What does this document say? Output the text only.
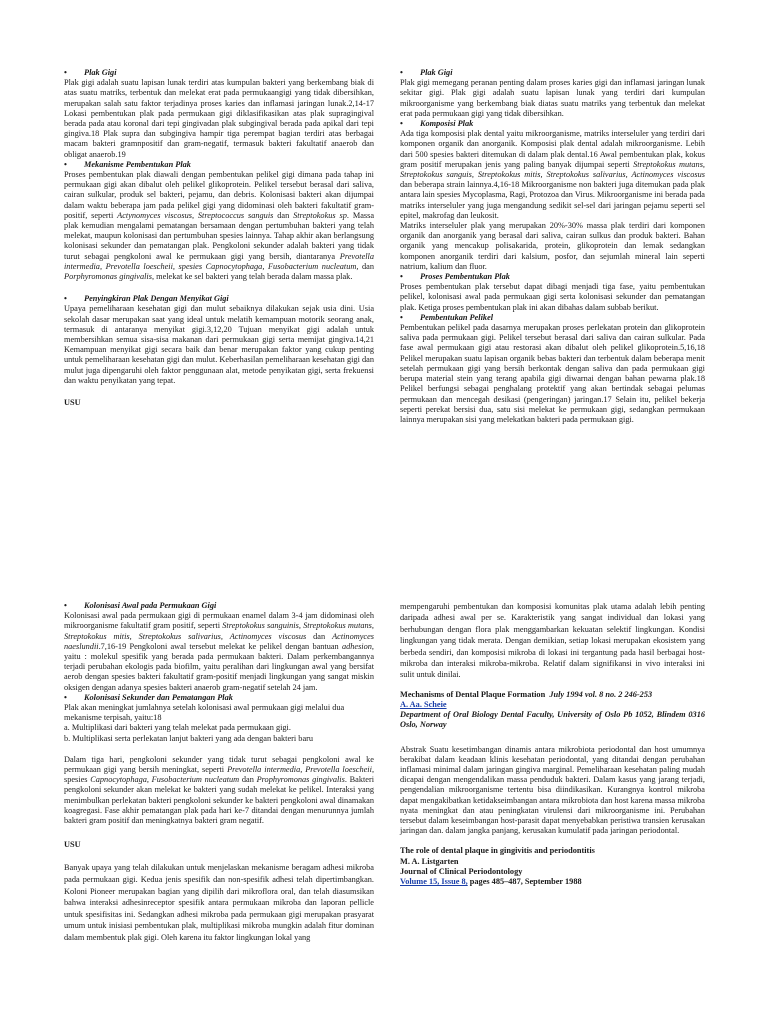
• Plak Gigi

Plak gigi adalah suatu lapisan lunak terdiri atas kumpulan bakteri yang berkembang biak di atas suatu matriks, terbentuk dan melekat erat pada permukaangigi yang tidak dibersihkan, merupakan salah satu faktor terjadinya proses karies dan inflamasi jaringan lunak.2,14-17 Lokasi pembentukan plak pada permukaan gigi diklasifikasikan atas plak supragingival berada pada atau koronal dari tepi gingivadan plak subgingival berada pada apikal dari tepi gingiva.18 Plak supra dan subgingiva hampir tiga perempat bagian terdiri atas berbagai macam bakteri gramnpositif dan gram-negatif, termasuk bakteri fakultatif anaerob dan obligat anaerob.19

• Mekanisme Pembentukan Plak

Proses pembentukan plak diawali dengan pembentukan pelikel gigi dimana pada tahap ini permukaan gigi akan dibalut oleh pelikel glikoprotein. Pelikel tersebut berasal dari saliva, cairan sulkular, produk sel bakteri, pejamu, dan debris. Kolonisasi bakteri akan dijumpai dalam waktu beberapa jam pada pelikel gigi yang didominasi oleh bakteri fakultatif gram-positif, seperti Actynomyces viscosus, Streptococcus sanguis dan Streptokokus sp. Massa plak kemudian mengalami pematangan bersamaan dengan pertumbuhan bakteri yang telah melekat, maupun kolonisasi dan pertumbuhan spesies lainnya. Tahap akhir akan berlangsung kolonisasi sekunder dan pematangan plak. Pengkoloni sekunder adalah bakteri yang tidak turut sebagai pengkoloni awal ke permukaan gigi yang bersih, diantaranya Prevotella intermedia, Prevotella loescheii, spesies Capnocytophaga, Fusobacterium nucleatum, dan Porphyromonas gingivalis, melekat ke sel bakteri yang telah berada dalam massa plak.

• Penyingkiran Plak Dengan Menyikat Gigi

Upaya pemeliharaan kesehatan gigi dan mulut sebaiknya dilakukan sejak usia dini. Usia sekolah dasar merupakan saat yang ideal untuk melatih kemampuan motorik seorang anak, termasuk di antaranya menyikat gigi.3,12,20 Tujuan menyikat gigi adalah untuk membersihkan semua sisa-sisa makanan dari permukaan gigi serta memijat gingiva.14,21 Kemampuan menyikat gigi secara baik dan benar merupakan faktor yang cukup penting untuk pemeliharaan kesehatan gigi dan mulut. Keberhasilan pemeliharaan kesehatan gigi dan mulut juga dipengaruhi oleh faktor penggunaan alat, metode penyikatan gigi, serta frekuensi dan waktu penyikatan yang tepat.

USU

• Plak Gigi

Plak gigi memegang peranan penting dalam proses karies gigi dan inflamasi jaringan lunak sekitar gigi. Plak gigi adalah suatu lapisan lunak yang terdiri dari kumpulan mikroorganisme yang berkembang biak diatas suatu matriks yang terbentuk dan melekat erat pada permukaan gigi yang tidak dibersihkan.

• Komposisi Plak

Ada tiga komposisi plak dental yaitu mikroorganisme, matriks interseluler yang terdiri dari komponen organik dan anorganik. Komposisi plak dental adalah mikroorganisme. Lebih dari 500 spesies bakteri ditemukan di dalam plak dental.16 Awal pembentukan plak, kokus gram positif merupakan jenis yang paling banyak dijumpai seperti Streptokokus mutans, Streptokokus sanguis, Streptokokus mitis, Streptokokus salivarius, Actinomyces viscosus dan beberapa strain lainnya.4,16-18 Mikroorganisme non bakteri juga ditemukan pada plak antara lain spesies Mycoplasma, Ragi, Protozoa dan Virus. Mikroorganisme ini berada pada matriks interseluler yang juga mengandung sedikit sel-sel dari jaringan pejamu seperti sel epitel, makrofag dan leukosit.

Matriks interseluler plak yang merupakan 20%-30% massa plak terdiri dari komponen organik dan anorganik yang berasal dari saliva, cairan sulkus dan produk bakteri. Bahan organik yang mencakup polisakarida, protein, glikoprotein dan lemak sedangkan komponen anorganik terdiri dari kalsium, posfor, dan sejumlah mineral lain seperti natrium, kalium dan fluor.

• Proses Pembentukan Plak

Proses pembentukan plak tersebut dapat dibagi menjadi tiga fase, yaitu pembentukan pelikel, kolonisasi awal pada permukaan gigi serta kolonisasi sekunder dan pematangan plak. Ketiga proses pembentukan plak ini akan dibahas dalam subbab berikut.

• Pembentukan Pelikel

Pembentukan pelikel pada dasarnya merupakan proses perlekatan protein dan glikoprotein saliva pada permukaan gigi. Pelikel tersebut berasal dari saliva dan cairan sulkular. Pada fase awal permukaan gigi atau restorasi akan dibalut oleh pelikel glikoprotein.5,16,18 Pelikel merupakan suatu lapisan organik bebas bakteri dan terbentuk dalam beberapa menit setelah permukaan gigi yang bersih berkontak dengan saliva dan pada permukaan gigi berupa material stein yang terang apabila gigi diwarnai dengan bahan pewarna plak.18 Pelikel berfungsi sebagai penghalang protektif yang akan bertindak sebagai pelumas permukaan dan mencegah desikasi (pengeringan) jaringan.17 Selain itu, pelikel bekerja seperti perekat bersisi dua, satu sisi melekat ke permukaan gigi, sedangkan permukaan lainnya merupakan sisi yang melekatkan bakteri pada permukaan gigi.

• Kolonisasi Awal pada Permukaan Gigi

Kolonisasi awal pada permukaan gigi di permukaan enamel dalam 3-4 jam didominasi oleh mikroorganisme fakultatif gram positif, seperti Streptokokus sanguinis, Streptokokus mutans, Streptokokus mitis, Streptokokus salivarius, Actinomyces viscosus dan Actinomyces naeslundii.7,16-19 Pengkoloni awal tersebut melekat ke pelikel dengan bantuan adhesion, yaitu : molekul spesifik yang berada pada permukaan bakteri. Dalam perkembangannya terjadi perubahan ekologis pada biofilm, yaitu peralihan dari lingkungan awal yang bersifat aerob dengan spesies bakteri fakultatif gram-positif menjadi lingkungan yang sangat miskin oksigen dengan adanya spesies bakteri anaerob gram-negatif setelah 24 jam.

• Kolonisasi Sekunder dan Pematangan Plak

Plak akan meningkat jumlahnya setelah kolonisasi awal permukaan gigi melalui dua mekanisme terpisah, yaitu:18

a. Multiplikasi dari bakteri yang telah melekat pada permukaan gigi.

b. Multiplikasi serta perlekatan lanjut bakteri yang ada dengan bakteri baru

Dalam tiga hari, pengkoloni sekunder yang tidak turut sebagai pengkoloni awal ke permukaan gigi yang bersih meningkat, seperti Prevotella intermedia, Prevotella loescheii, spesies Capnocytophaga, Fusobacterium nucleatum dan Prophyromonas gingivalis. Bakteri pengkoloni sekunder akan melekat ke bakteri yang sudah melekat ke pelikel. Interaksi yang menimbulkan perlekatan bakteri pengkoloni sekunder ke bakteri pengkoloni awal dinamakan koagregasi. Fase akhir pematangan plak pada hari ke-7 ditandai dengan menurunnya jumlah bakteri gram positif dan meningkatnya bakteri gram negatif.

USU

Banyak upaya yang telah dilakukan untuk menjelaskan mekanisme beragam adhesi mikroba pada permukaan gigi. Kedua jenis spesifik dan non-spesifik adhesi telah dipertimbangkan. Koloni Pioneer merupakan bagian yang dipilih dari mikroflora oral, dan telah diasumsikan bahwa interaksi adhesinreceptor spesifik antara permukaan mikroba dan laporan pellicle untuk spesifisitas ini. Sedangkan adhesi mikroba pada permukaan gigi merupakan prasyarat umum untuk inisiasi pembentukan plak, multiplikasi mikroba mungkin adalah fitur dominan dalam membentuk plak gigi. Oleh karena itu faktor lingkungan lokal yang

mempengaruhi pembentukan dan komposisi komunitas plak utama adalah lebih penting daripada adhesi awal per se. Karakteristik yang sangat individual dan lokasi yang berhubungan dengan flora plak menggambarkan kekuatan selektif lingkungan. Kondisi lingkungan yang tidak merata. Dengan demikian, setiap lokasi merupakan ekosistem yang berbeda sendiri, dan komposisi mikroba di lokasi ini tergantung pada hasil berbagai host-mikroba dan interaksi mikroba-mikroba. Relatif dalam signifikansi in vivo interaksi ini sulit untuk dinilai.

Mechanisms of Dental Plaque Formation July 1994 vol. 8 no. 2 246-253

A. Aa. Scheie

Department of Oral Biology Dental Faculty, University of Oslo Pb 1052, Blindem 0316 Oslo, Norway

Abstrak Suatu kesetimbangan dinamis antara mikrobiota periodontal dan host umumnya berakibat dalam keadaan klinis kesehatan periodontal, yang ditandai dengan perubahan inflamasi minimal dalam jaringan gingiva marginal. Pemeliharaan kesehatan paling mudah dicapai dengan mengendalikan massa penduduk bakteri. Dalam kasus yang jarang terjadi, pengendalian mikroorganisme tertentu bisa diindikasikan. Kurangnya kontrol mikroba dapat mengakibatkan ketidakseimbangan antara mikrobiota dan host karena massa mikroba nyata meningkat dan atau peningkatan virulensi dari mikroorganisme ini. Perubahan tersebut dalam keseimbangan host-parasit dapat menyebabkan peristiwa transien kerusakan jaringan dan. dalam jangka panjang, kerusakan kumulatif pada jaringan periodontal.

The role of dental plaque in gingivitis and periodontitis

M. A. Listgarten

Journal of Clinical Periodontology

Volume 15, Issue 8, pages 485–487, September 1988
